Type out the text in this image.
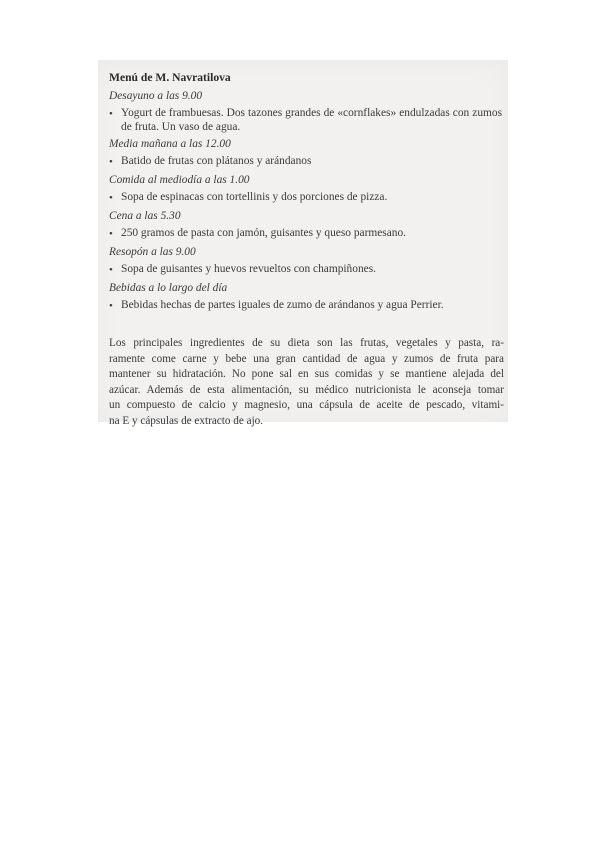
Menú de M. Navratilova
Desayuno a las 9.00
• Yogurt de frambuesas. Dos tazones grandes de «cornflakes» endulzadas con zumos de fruta. Un vaso de agua.
Media mañana a las 12.00
• Batido de frutas con plátanos y arándanos
Comida al mediodía a las 1.00
• Sopa de espinacas con tortellinis y dos porciones de pizza.
Cena a las 5.30
• 250 gramos de pasta con jamón, guisantes y queso parmesano.
Resopón a las 9.00
• Sopa de guisantes y huevos revueltos con champiñones.
Bebidas a lo largo del día
• Bebidas hechas de partes iguales de zumo de arándanos y agua Perrier.
Los principales ingredientes de su dieta son las frutas, vegetales y pasta, ra-
ramente come carne y bebe una gran cantidad de agua y zumos de fruta para
mantener su hidratación. No pone sal en sus comidas y se mantiene alejada del
azúcar. Además de esta alimentación, su médico nutricionista le aconseja tomar
un compuesto de calcio y magnesio, una cápsula de aceite de pescado, vitami-
na E y cápsulas de extracto de ajo.
